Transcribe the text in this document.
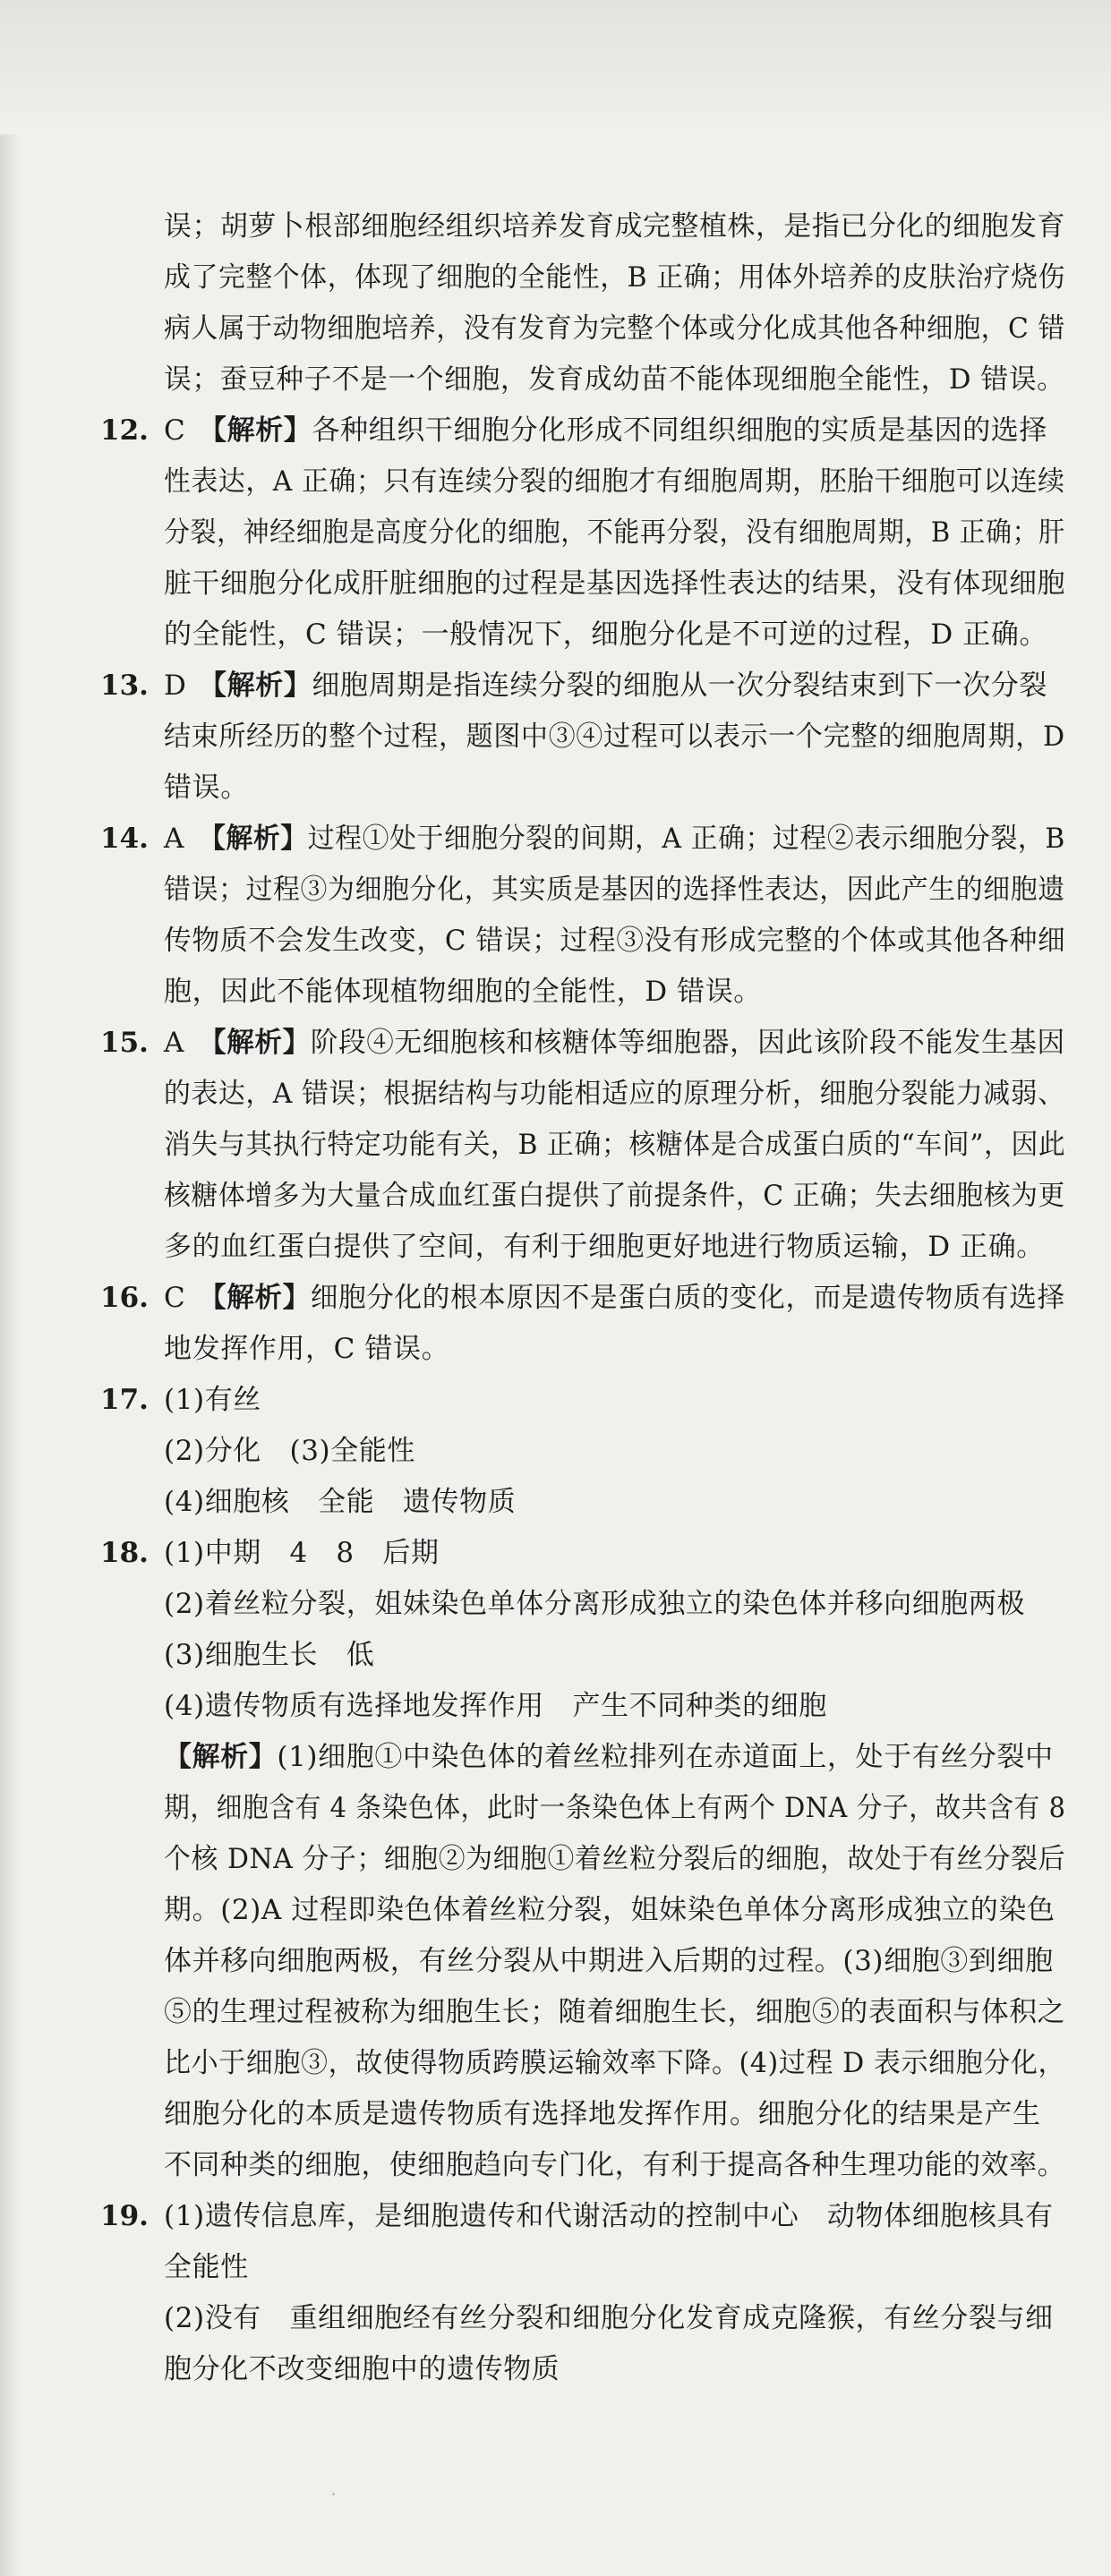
误；胡萝卜根部细胞经组织培养发育成完整植株，是指已分化的细胞发育
成了完整个体，体现了细胞的全能性，B 正确；用体外培养的皮肤治疗烧伤
病人属于动物细胞培养，没有发育为完整个体或分化成其他各种细胞，C 错
误；蚕豆种子不是一个细胞，发育成幼苗不能体现细胞全能性，D 错误。
12. C 【解析】各种组织干细胞分化形成不同组织细胞的实质是基因的选择
性表达，A 正确；只有连续分裂的细胞才有细胞周期，胚胎干细胞可以连续
分裂，神经细胞是高度分化的细胞，不能再分裂，没有细胞周期，B 正确；肝
脏干细胞分化成肝脏细胞的过程是基因选择性表达的结果，没有体现细胞
的全能性，C 错误；一般情况下，细胞分化是不可逆的过程，D 正确。
13. D 【解析】细胞周期是指连续分裂的细胞从一次分裂结束到下一次分裂
结束所经历的整个过程，题图中③④过程可以表示一个完整的细胞周期，D
错误。
14. A 【解析】过程①处于细胞分裂的间期，A 正确；过程②表示细胞分裂，B
错误；过程③为细胞分化，其实质是基因的选择性表达，因此产生的细胞遗
传物质不会发生改变，C 错误；过程③没有形成完整的个体或其他各种细
胞，因此不能体现植物细胞的全能性，D 错误。
15. A 【解析】阶段④无细胞核和核糖体等细胞器，因此该阶段不能发生基因
的表达，A 错误；根据结构与功能相适应的原理分析，细胞分裂能力减弱、
消失与其执行特定功能有关，B 正确；核糖体是合成蛋白质的“车间”，因此
核糖体增多为大量合成血红蛋白提供了前提条件，C 正确；失去细胞核为更
多的血红蛋白提供了空间，有利于细胞更好地进行物质运输，D 正确。
16. C 【解析】细胞分化的根本原因不是蛋白质的变化，而是遗传物质有选择
地发挥作用，C 错误。
17. (1)有丝
(2)分化　(3)全能性
(4)细胞核　全能　遗传物质
18. (1)中期　4　8　后期
(2)着丝粒分裂，姐妹染色单体分离形成独立的染色体并移向细胞两极
(3)细胞生长　低
(4)遗传物质有选择地发挥作用　产生不同种类的细胞
【解析】(1)细胞①中染色体的着丝粒排列在赤道面上，处于有丝分裂中
期，细胞含有 4 条染色体，此时一条染色体上有两个 DNA 分子，故共含有 8
个核 DNA 分子；细胞②为细胞①着丝粒分裂后的细胞，故处于有丝分裂后
期。(2)A 过程即染色体着丝粒分裂，姐妹染色单体分离形成独立的染色
体并移向细胞两极，有丝分裂从中期进入后期的过程。(3)细胞③到细胞
⑤的生理过程被称为细胞生长；随着细胞生长，细胞⑤的表面积与体积之
比小于细胞③，故使得物质跨膜运输效率下降。(4)过程 D 表示细胞分化，
细胞分化的本质是遗传物质有选择地发挥作用。细胞分化的结果是产生
不同种类的细胞，使细胞趋向专门化，有利于提高各种生理功能的效率。
19. (1)遗传信息库，是细胞遗传和代谢活动的控制中心　动物体细胞核具有
全能性
(2)没有　重组细胞经有丝分裂和细胞分化发育成克隆猴，有丝分裂与细
胞分化不改变细胞中的遗传物质
